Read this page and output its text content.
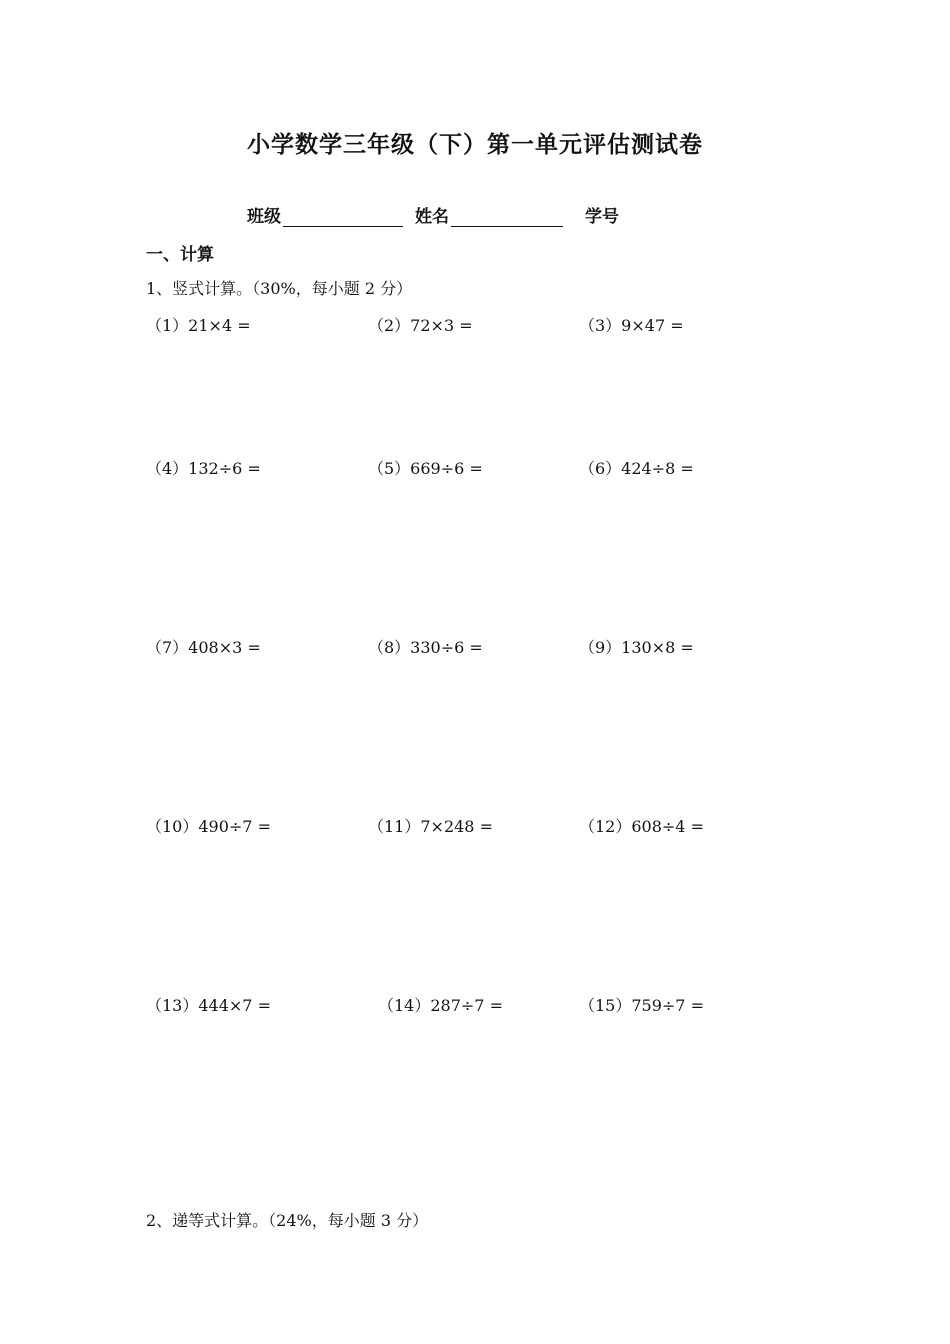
小学数学三年级（下）第一单元评估测试卷
班级	姓名	学号
一、计算
1、竖式计算。（30%，每小题 2 分）
（1）21×4 =	（2）72×3 =	（3）9×47 =
（4）132÷6 =	（5）669÷6 =	（6）424÷8 =
（7）408×3 =	（8）330÷6 =	（9）130×8 =
（10）490÷7 =	（11）7×248 =	（12）608÷4 =
（13）444×7 =	（14）287÷7 =	（15）759÷7 =
2、递等式计算。（24%，每小题 3 分）
